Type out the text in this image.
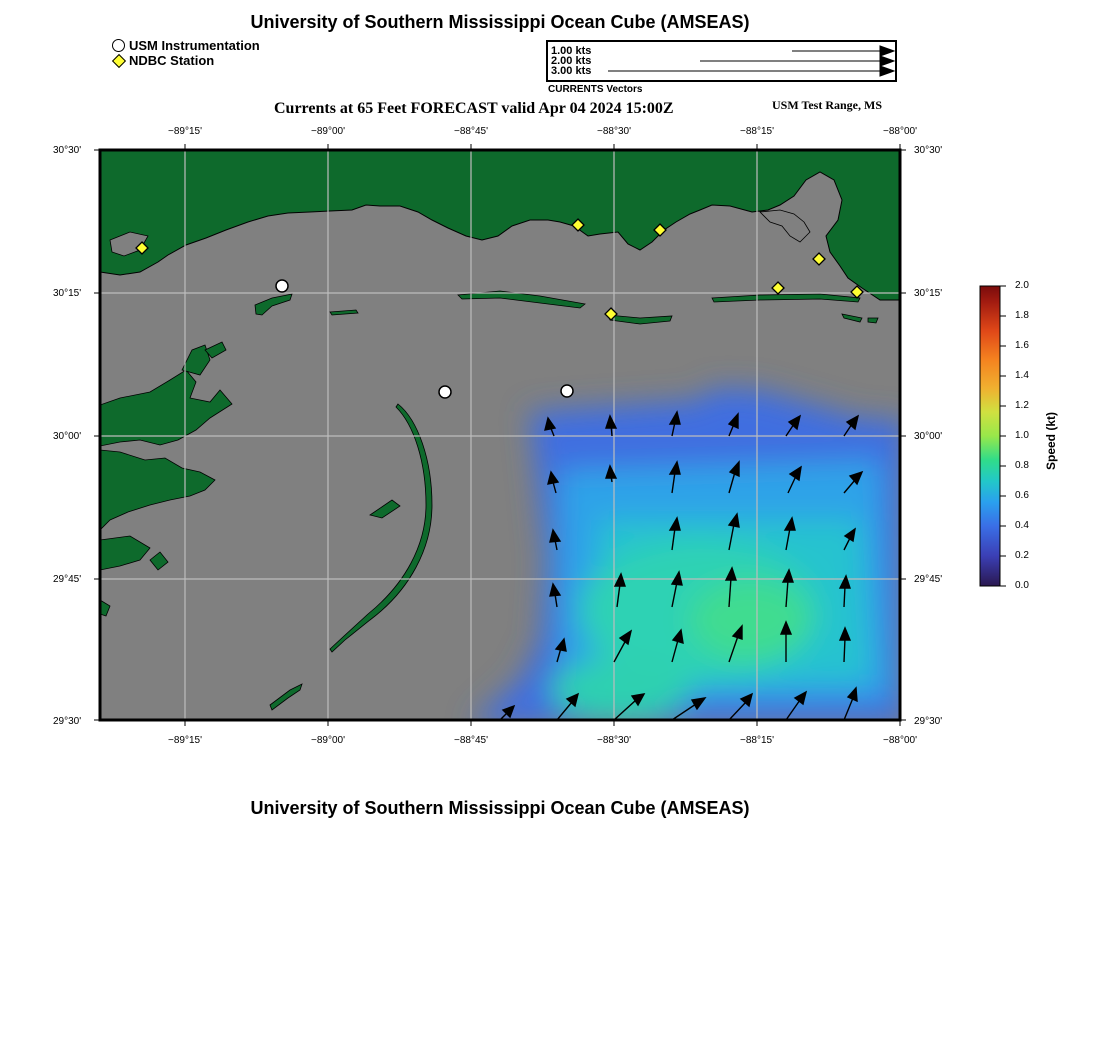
University of Southern Mississippi Ocean Cube (AMSEAS)
USM Instrumentation
NDBC Station
1.00 kts
2.00 kts
3.00 kts
CURRENTS Vectors
Currents at 65 Feet FORECAST valid Apr 04 2024 15:00Z	USM Test Range, MS
−89°15'	−89°00'	−88°45'	−88°30'	−88°15'	−88°00'
−89°15'	−89°00'	−88°45'	−88°30'	−88°15'	−88°00'
30°30'
30°15'
30°00'
29°45'
29°30'
30°30'
30°15'
30°00'
29°45'
29°30'
2.0
1.8
1.6
1.4
1.2
1.0
0.8
0.6
0.4
0.2
0.0
Speed (kt)
University of Southern Mississippi Ocean Cube (AMSEAS)
